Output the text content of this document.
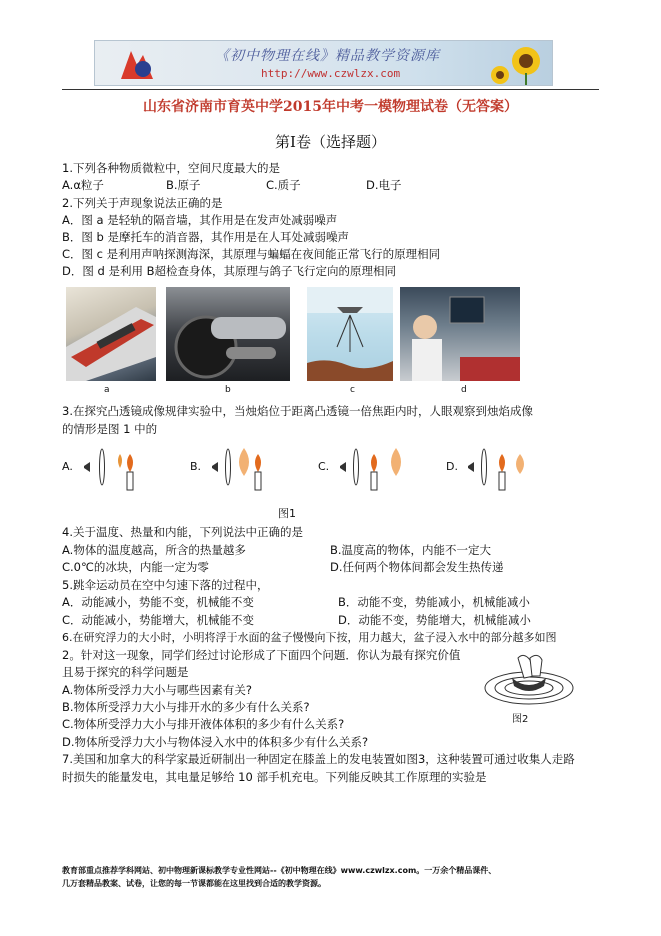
《初中物理在线》精品教学资源库
http://www.czwlzx.com
山东省济南市育英中学2015年中考一模物理试卷（无答案）
第Ⅰ卷（选择题）
1.下列各种物质微粒中，空间尺度最大的是
A.α粒子	B.原子	C.质子	D.电子
2.下列关于声现象说法正确的是
A．图 a 是轻轨的隔音墙，其作用是在发声处减弱噪声
B．图 b 是摩托车的消音器，其作用是在人耳处减弱噪声
C．图 c 是利用声呐探测海深，其原理与蝙蝠在夜间能正常飞行的原理相同
D．图 d 是利用 B超检查身体，其原理与鸽子飞行定向的原理相同
a	b	c	d
3.在探究凸透镜成像规律实验中，当烛焰位于距离凸透镜一倍焦距内时，人眼观察到烛焰成像
的情形是图 1 中的
A.	B.	C.	D.
图1
4.关于温度、热量和内能，下列说法中正确的是
A.物体的温度越高，所含的热量越多	B.温度高的物体，内能不一定大
C.0℃的冰块，内能一定为零	D.任何两个物体间都会发生热传递
5.跳伞运动员在空中匀速下落的过程中，
A．动能减小，势能不变，机械能不变	B．动能不变，势能减小，机械能减小
C．动能减小，势能增大，机械能不变	D．动能不变，势能增大，机械能减小
6.在研究浮力的大小时，小明将浮于水面的盆子慢慢向下按，用力越大，盆子浸入水中的部分越多如图
2。针对这一现象，同学们经过讨论形成了下面四个问题．你认为最有探究价值
且易于探究的科学问题是
A.物体所受浮力大小与哪些因素有关?
B.物体所受浮力大小与排开水的多少有什么关系?
C.物体所受浮力大小与排开液体体积的多少有什么关系?
D.物体所受浮力大小与物体浸入水中的体积多少有什么关系?
图2
7.美国和加拿大的科学家最近研制出一种固定在膝盖上的发电装置如图3，这种装置可通过收集人走路
时损失的能量发电，其电量足够给 10 部手机充电。下列能反映其工作原理的实验是
教育部重点推荐学科网站、初中物理新课标教学专业性网站--《初中物理在线》www.czwlzx.com。一万余个精品课件、
几万套精品教案、试卷，让您的每一节课都能在这里找到合适的教学资源。
